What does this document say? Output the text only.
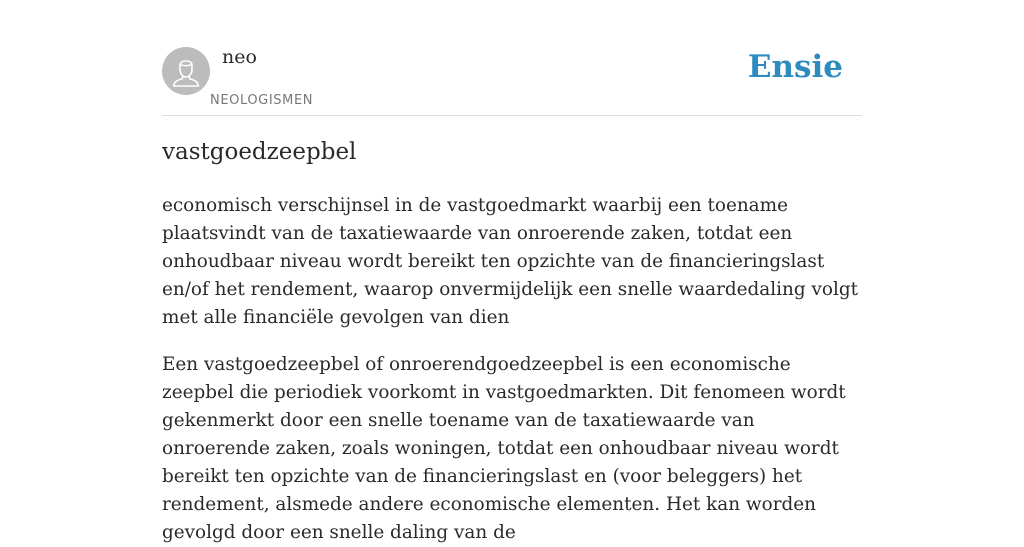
neo
NEOLOGISMEN
Ensie
vastgoedzeepbel

economisch verschijnsel in de vastgoedmarkt waarbij een toename plaatsvindt van de taxatiewaarde van onroerende zaken, totdat een onhoudbaar niveau wordt bereikt ten opzichte van de financieringslast en/of het rendement, waarop onvermijdelijk een snelle waardedaling volgt met alle financiële gevolgen van dien

Een vastgoedzeepbel of onroerendgoedzeepbel is een economische zeepbel die periodiek voorkomt in vastgoedmarkten. Dit fenomeen wordt gekenmerkt door een snelle toename van de taxatiewaarde van onroerende zaken, zoals woningen, totdat een onhoudbaar niveau wordt bereikt ten opzichte van de financieringslast en (voor beleggers) het rendement, alsmede andere economische elementen. Het kan worden gevolgd door een snelle daling van de
